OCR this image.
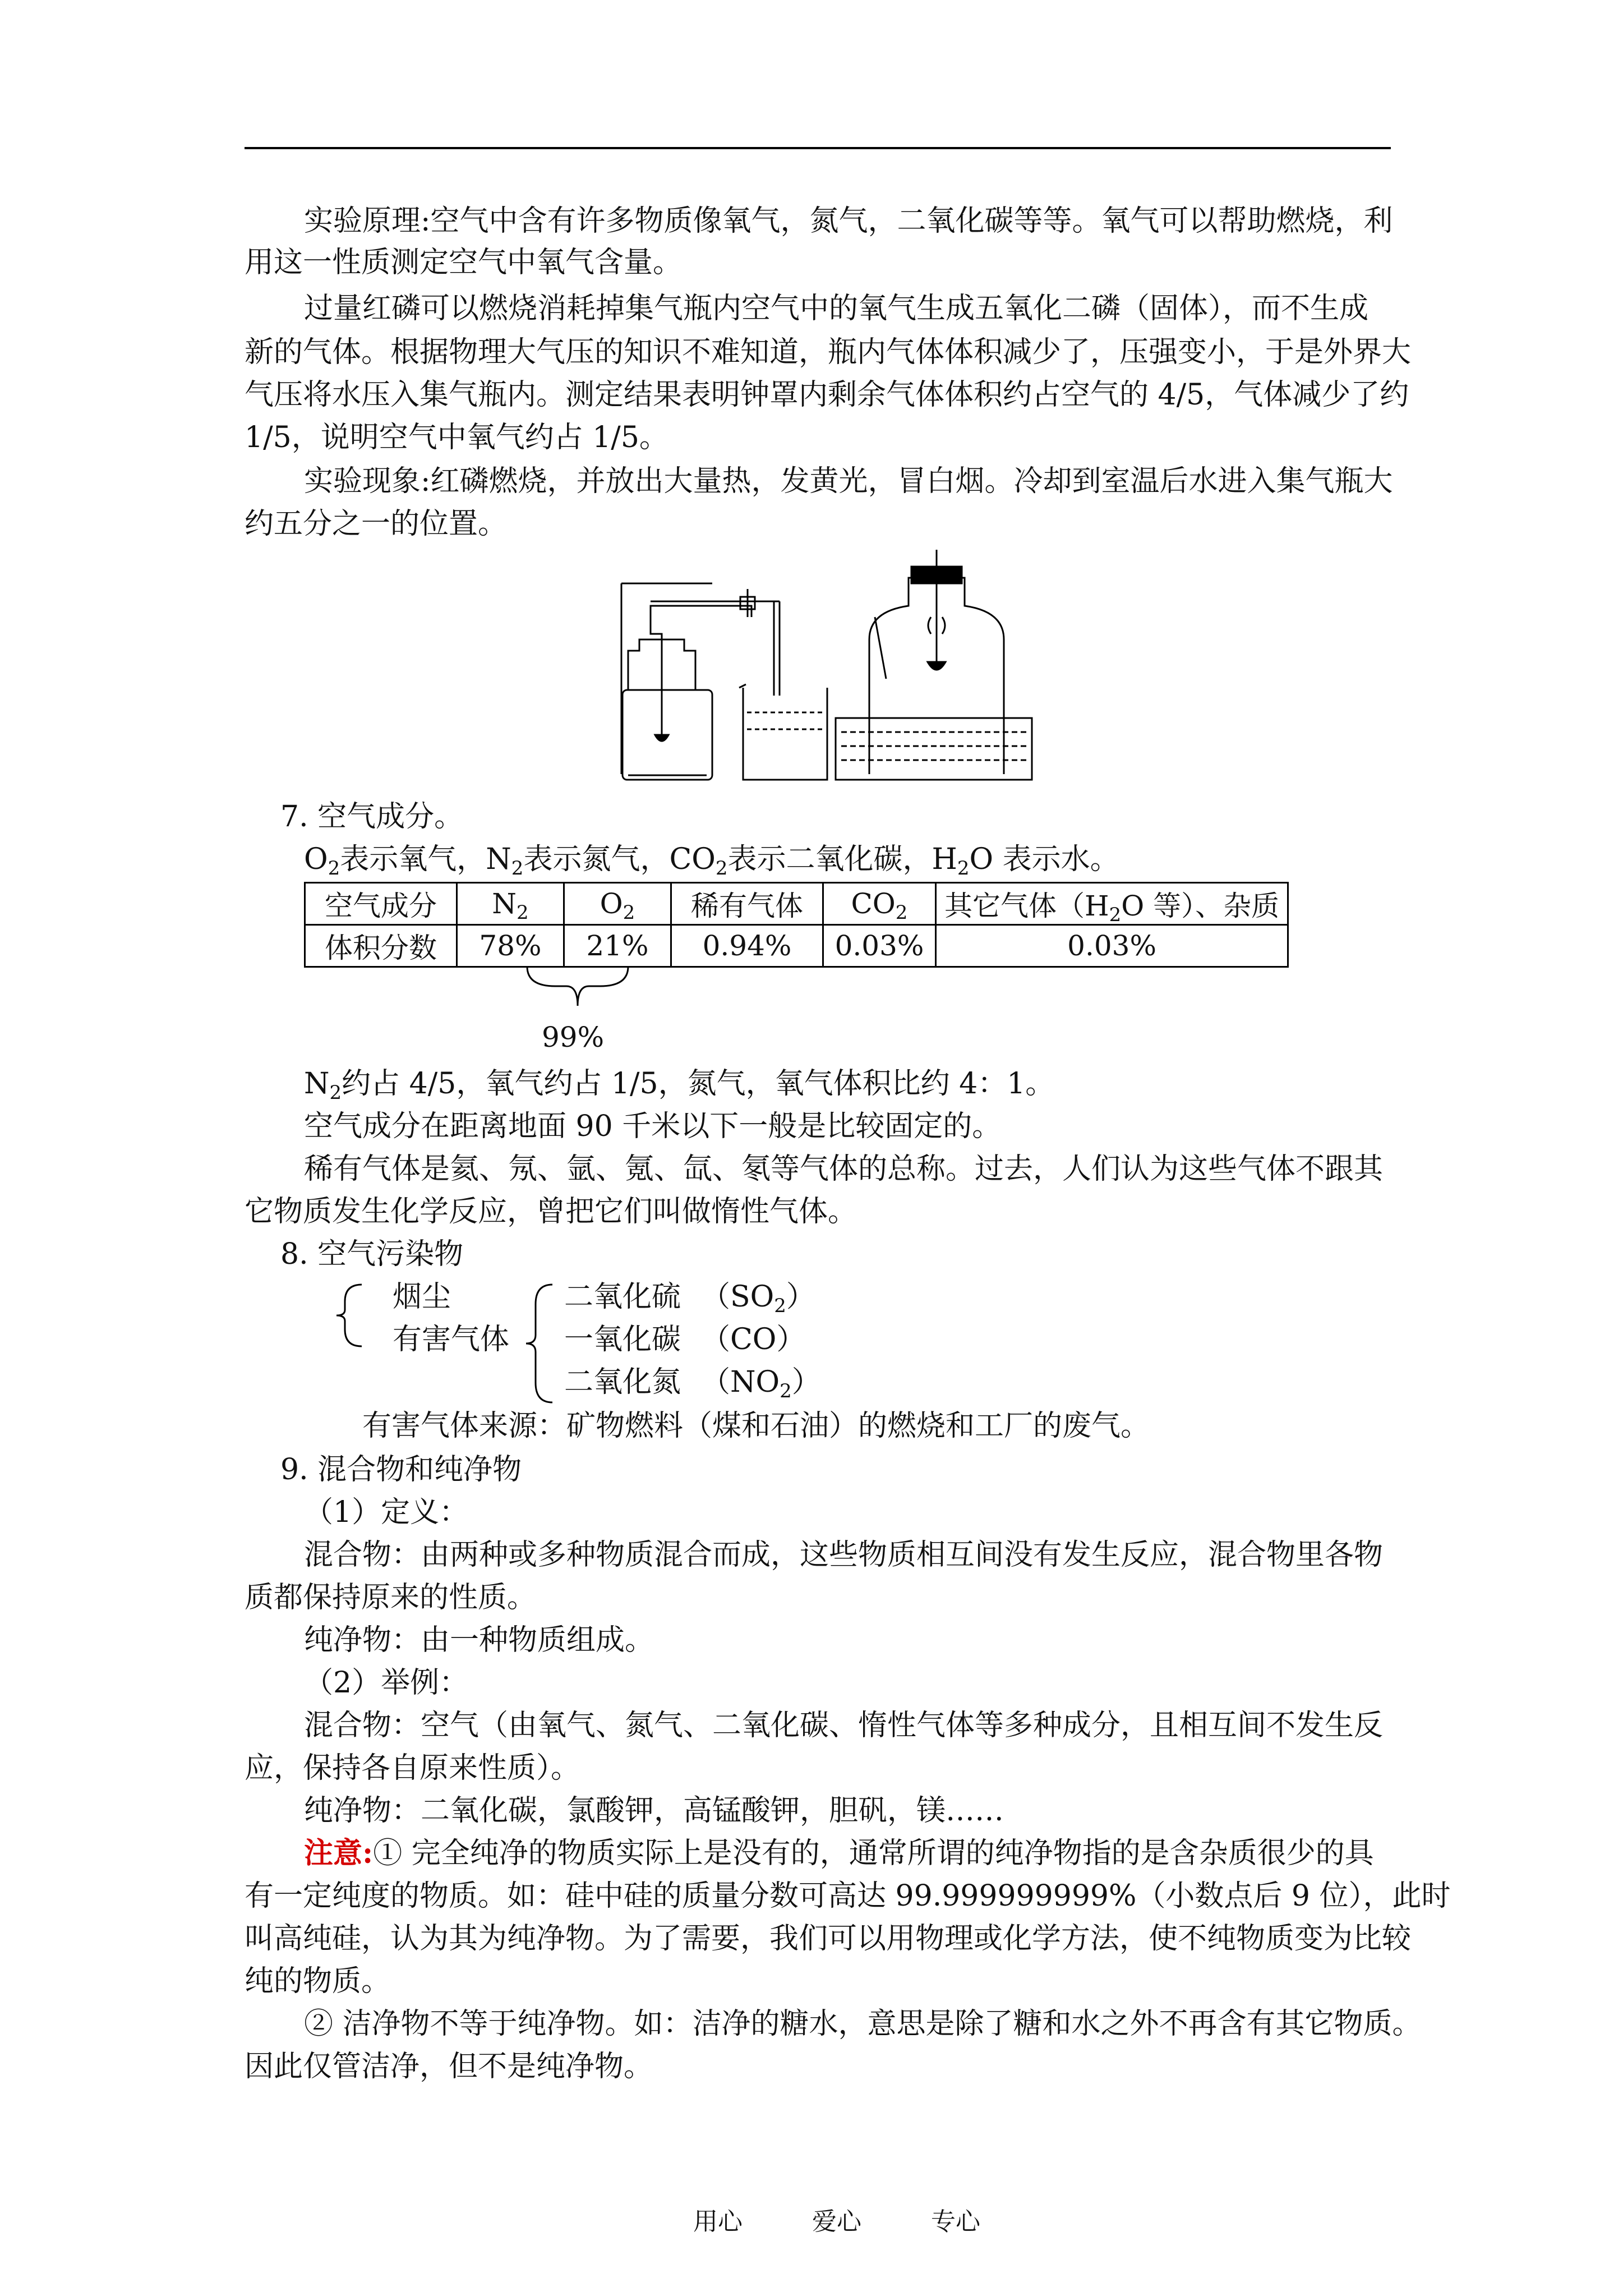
实验原理:空气中含有许多物质像氧气，氮气，二氧化碳等等。氧气可以帮助燃烧，利
用这一性质测定空气中氧气含量。
过量红磷可以燃烧消耗掉集气瓶内空气中的氧气生成五氧化二磷（固体），而不生成
新的气体。根据物理大气压的知识不难知道，瓶内气体体积减少了，压强变小，于是外界大
气压将水压入集气瓶内。测定结果表明钟罩内剩余气体体积约占空气的 4/5，气体减少了约
1/5，说明空气中氧气约占 1/5。
实验现象:红磷燃烧，并放出大量热，发黄光，冒白烟。冷却到室温后水进入集气瓶大
约五分之一的位置。
7. 空气成分。
$O_2$表示氧气，$N_2$表示氮气，$CO_2$表示二氧化碳，$H_2O$ 表示水。
空气成分	$N_2$	$O_2$	稀有气体	$CO_2$	其它气体（$H_2O$ 等）、杂质
体积分数	78%	21%	0.94%	0.03%	0.03%
99%
$N_2$约占 4/5，氧气约占 1/5，氮气，氧气体积比约 4：1。
空气成分在距离地面 90 千米以下一般是比较固定的。
稀有气体是氦、氖、氩、氪、氙、氡等气体的总称。过去，人们认为这些气体不跟其
它物质发生化学反应，曾把它们叫做惰性气体。
8. 空气污染物
烟尘
有害气体
二氧化硫 $(SO_2)$
一氧化碳 （CO）
二氧化氮 $(NO_2)$
有害气体来源：矿物燃料（煤和石油）的燃烧和工厂的废气。
9. 混合物和纯净物
（1）定义：
混合物：由两种或多种物质混合而成，这些物质相互间没有发生反应，混合物里各物
质都保持原来的性质。
纯净物：由一种物质组成。
（2）举例：
混合物：空气（由氧气、氮气、二氧化碳、惰性气体等多种成分，且相互间不发生反
应，保持各自原来性质）。
纯净物：二氧化碳，氯酸钾，高锰酸钾，胆矾，镁……
注意:① 完全纯净的物质实际上是没有的，通常所谓的纯净物指的是含杂质很少的具
有一定纯度的物质。如：硅中硅的质量分数可高达 99.999999999%（小数点后 9 位），此时
叫高纯硅，认为其为纯净物。为了需要，我们可以用物理或化学方法，使不纯物质变为比较
纯的物质。
② 洁净物不等于纯净物。如：洁净的糖水，意思是除了糖和水之外不再含有其它物质。
因此仅管洁净，但不是纯净物。
用心	爱心	专心
